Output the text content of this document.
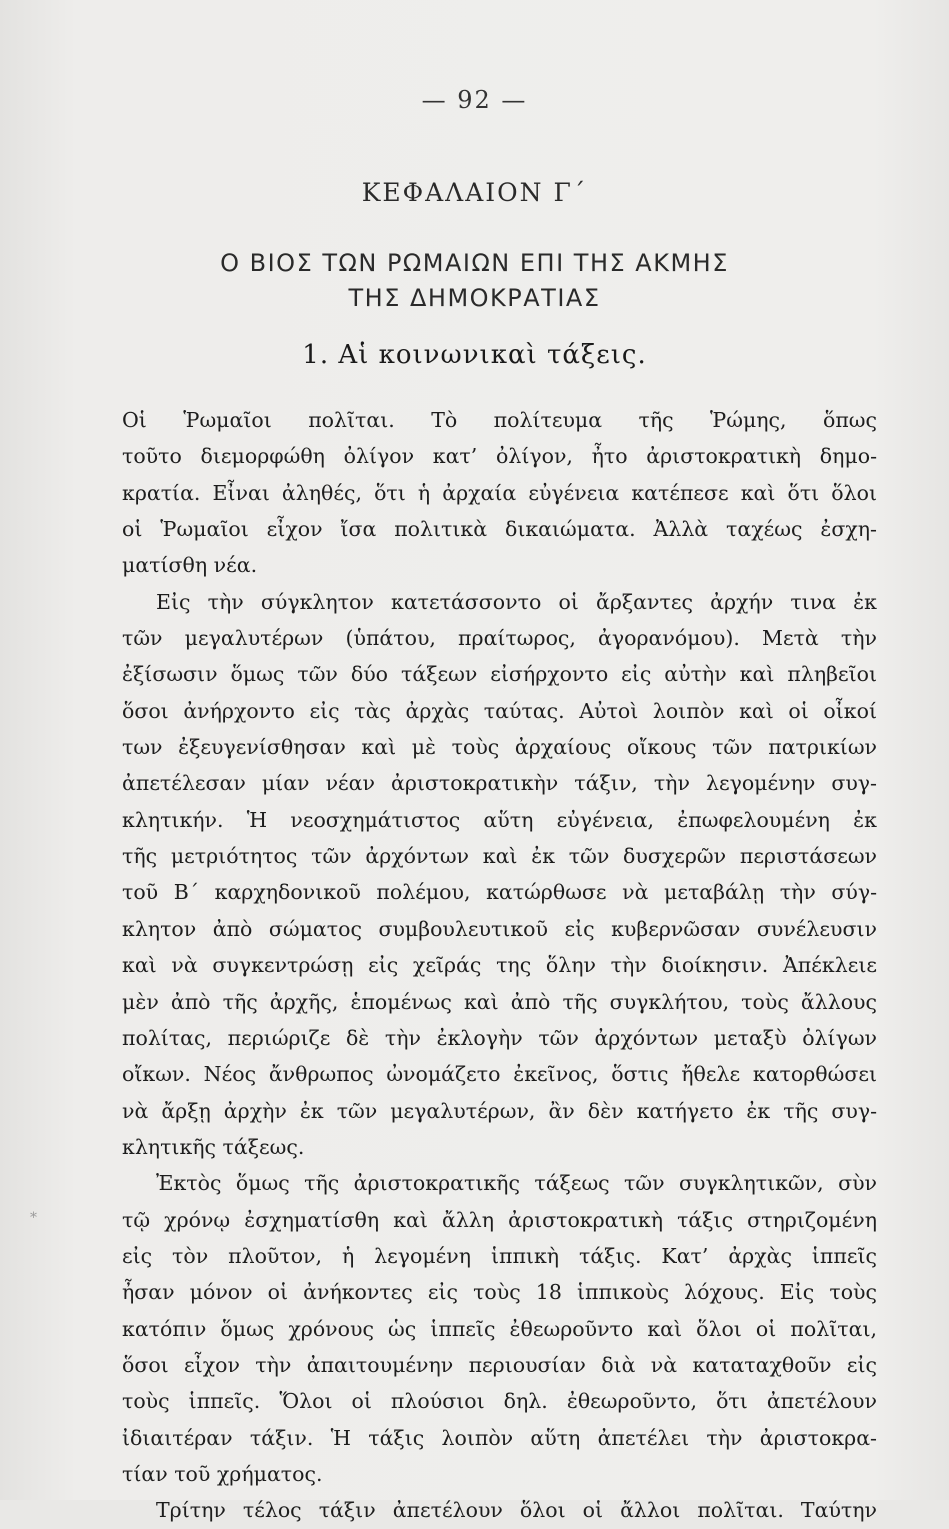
— 92 —
ΚΕΦΑΛΑΙΟΝ Γ΄
Ο ΒΙΟΣ ΤΩΝ ΡΩΜΑΙΩΝ ΕΠΙ ΤΗΣ ΑΚΜΗΣ
ΤΗΣ ΔΗΜΟΚΡΑΤΙΑΣ
1. Αἱ κοινωνικαὶ τάξεις.
Οἱ Ῥωμαῖοι πολῖται. Τὸ πολίτευμα τῆς Ῥώμης, ὅπως
τοῦτο διεμορφώθη ὀλίγον κατ’ ὀλίγον, ἦτο ἀριστοκρατικὴ δημο-
κρατία. Εἶναι ἀληθές, ὅτι ἡ ἀρχαία εὐγένεια κατέπεσε καὶ ὅτι ὅλοι
οἱ Ῥωμαῖοι εἶχον ἴσα πολιτικὰ δικαιώματα. Ἀλλὰ ταχέως ἐσχη-
ματίσθη νέα.
Εἰς τὴν σύγκλητον κατετάσσοντο οἱ ἄρξαντες ἀρχήν τινα ἐκ
τῶν μεγαλυτέρων (ὑπάτου, πραίτωρος, ἀγορανόμου). Μετὰ τὴν
ἐξίσωσιν ὅμως τῶν δύο τάξεων εἰσήρχοντο εἰς αὐτὴν καὶ πληβεῖοι
ὅσοι ἀνήρχοντο εἰς τὰς ἀρχὰς ταύτας. Αὐτοὶ λοιπὸν καὶ οἱ οἶκοί
των ἐξευγενίσθησαν καὶ μὲ τοὺς ἀρχαίους οἴκους τῶν πατρικίων
ἀπετέλεσαν μίαν νέαν ἀριστοκρατικὴν τάξιν, τὴν λεγομένην συγ-
κλητικήν. Ἡ νεοσχημάτιστος αὕτη εὐγένεια, ἐπωφελουμένη ἐκ
τῆς μετριότητος τῶν ἀρχόντων καὶ ἐκ τῶν δυσχερῶν περιστάσεων
τοῦ Β΄ καρχηδονικοῦ πολέμου, κατώρθωσε νὰ μεταβάλῃ τὴν σύγ-
κλητον ἀπὸ σώματος συμβουλευτικοῦ εἰς κυβερνῶσαν συνέλευσιν
καὶ νὰ συγκεντρώσῃ εἰς χεῖράς της ὅλην τὴν διοίκησιν. Ἀπέκλειε
μὲν ἀπὸ τῆς ἀρχῆς, ἑπομένως καὶ ἀπὸ τῆς συγκλήτου, τοὺς ἄλλους
πολίτας, περιώριζε δὲ τὴν ἐκλογὴν τῶν ἀρχόντων μεταξὺ ὀλίγων
οἴκων. Νέος ἄνθρωπος ὠνομάζετο ἐκεῖνος, ὅστις ἤθελε κατορθώσει
νὰ ἄρξῃ ἀρχὴν ἐκ τῶν μεγαλυτέρων, ἂν δὲν κατήγετο ἐκ τῆς συγ-
κλητικῆς τάξεως.
Ἐκτὸς ὅμως τῆς ἀριστοκρατικῆς τάξεως τῶν συγκλητικῶν, σὺν
τῷ χρόνῳ ἐσχηματίσθη καὶ ἄλλη ἀριστοκρατικὴ τάξις στηριζομένη
εἰς τὸν πλοῦτον, ἡ λεγομένη ἱππικὴ τάξις. Κατ’ ἀρχὰς ἱππεῖς
ἦσαν μόνον οἱ ἀνήκοντες εἰς τοὺς 18 ἱππικοὺς λόχους. Εἰς τοὺς
κατόπιν ὅμως χρόνους ὡς ἱππεῖς ἐθεωροῦντο καὶ ὅλοι οἱ πολῖται,
ὅσοι εἶχον τὴν ἀπαιτουμένην περιουσίαν διὰ νὰ καταταχθοῦν εἰς
τοὺς ἱππεῖς. Ὅλοι οἱ πλούσιοι δηλ. ἐθεωροῦντο, ὅτι ἀπετέλουν
ἰδιαιτέραν τάξιν. Ἡ τάξις λοιπὸν αὕτη ἀπετέλει τὴν ἀριστοκρα-
τίαν τοῦ χρήματος.
Τρίτην τέλος τάξιν ἀπετέλουν ὅλοι οἱ ἄλλοι πολῖται. Ταύτην
*
